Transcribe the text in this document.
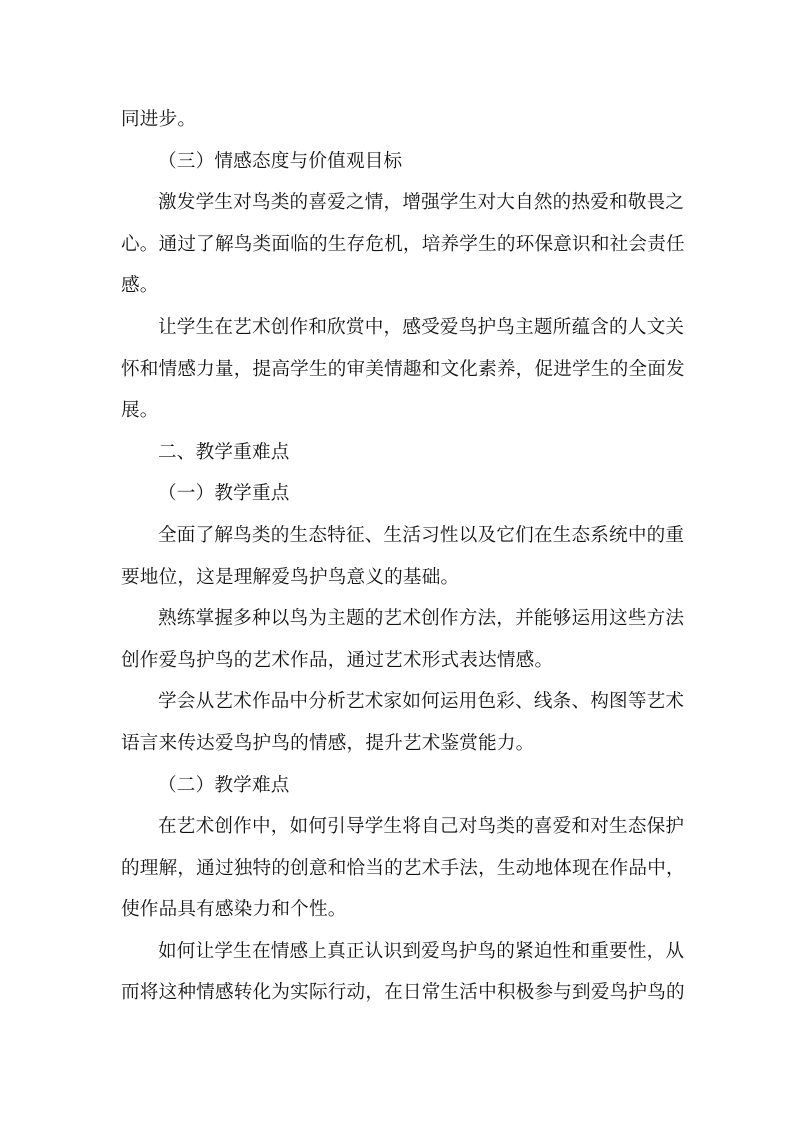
同进步。
（三）情感态度与价值观目标
激发学生对鸟类的喜爱之情，增强学生对大自然的热爱和敬畏之
心。通过了解鸟类面临的生存危机，培养学生的环保意识和社会责任
感。
让学生在艺术创作和欣赏中，感受爱鸟护鸟主题所蕴含的人文关
怀和情感力量，提高学生的审美情趣和文化素养，促进学生的全面发
展。
二、教学重难点
（一）教学重点
全面了解鸟类的生态特征、生活习性以及它们在生态系统中的重
要地位，这是理解爱鸟护鸟意义的基础。
熟练掌握多种以鸟为主题的艺术创作方法，并能够运用这些方法
创作爱鸟护鸟的艺术作品，通过艺术形式表达情感。
学会从艺术作品中分析艺术家如何运用色彩、线条、构图等艺术
语言来传达爱鸟护鸟的情感，提升艺术鉴赏能力。
（二）教学难点
在艺术创作中，如何引导学生将自己对鸟类的喜爱和对生态保护
的理解，通过独特的创意和恰当的艺术手法，生动地体现在作品中，
使作品具有感染力和个性。
如何让学生在情感上真正认识到爱鸟护鸟的紧迫性和重要性，从
而将这种情感转化为实际行动，在日常生活中积极参与到爱鸟护鸟的
